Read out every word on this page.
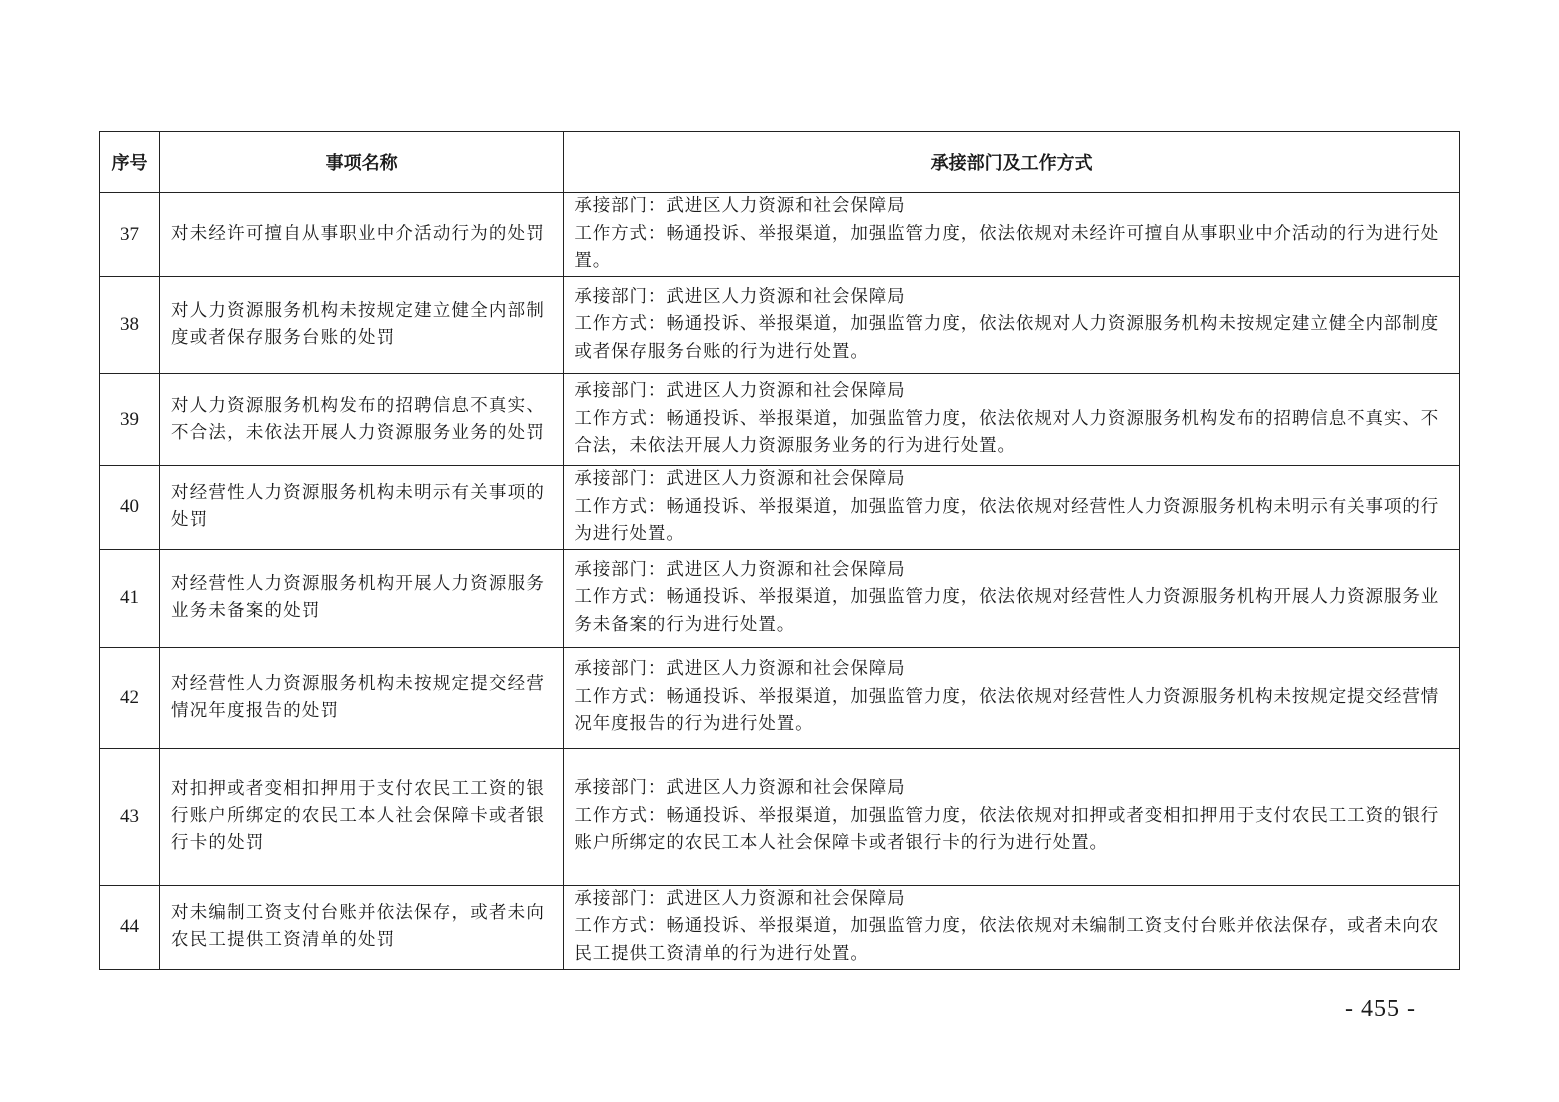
序号	事项名称	承接部门及工作方式
37	对未经许可擅自从事职业中介活动行为的处罚	承接部门：武进区人力资源和社会保障局
工作方式：畅通投诉、举报渠道，加强监管力度，依法依规对未经许可擅自从事职业中介活动的行为进行处置。

38	对人力资源服务机构未按规定建立健全内部制度或者保存服务台账的处罚	承接部门：武进区人力资源和社会保障局
工作方式：畅通投诉、举报渠道，加强监管力度，依法依规对人力资源服务机构未按规定建立健全内部制度或者保存服务台账的行为进行处置。

39	对人力资源服务机构发布的招聘信息不真实、不合法，未依法开展人力资源服务业务的处罚	承接部门：武进区人力资源和社会保障局
工作方式：畅通投诉、举报渠道，加强监管力度，依法依规对人力资源服务机构发布的招聘信息不真实、不合法，未依法开展人力资源服务业务的行为进行处置。

40	对经营性人力资源服务机构未明示有关事项的处罚	承接部门：武进区人力资源和社会保障局
工作方式：畅通投诉、举报渠道，加强监管力度，依法依规对经营性人力资源服务机构未明示有关事项的行为进行处置。

41	对经营性人力资源服务机构开展人力资源服务业务未备案的处罚	承接部门：武进区人力资源和社会保障局
工作方式：畅通投诉、举报渠道，加强监管力度，依法依规对经营性人力资源服务机构开展人力资源服务业务未备案的行为进行处置。

42	对经营性人力资源服务机构未按规定提交经营情况年度报告的处罚	承接部门：武进区人力资源和社会保障局
工作方式：畅通投诉、举报渠道，加强监管力度，依法依规对经营性人力资源服务机构未按规定提交经营情况年度报告的行为进行处置。

43	对扣押或者变相扣押用于支付农民工工资的银行账户所绑定的农民工本人社会保障卡或者银行卡的处罚	承接部门：武进区人力资源和社会保障局
工作方式：畅通投诉、举报渠道，加强监管力度，依法依规对扣押或者变相扣押用于支付农民工工资的银行账户所绑定的农民工本人社会保障卡或者银行卡的行为进行处置。

44	对未编制工资支付台账并依法保存，或者未向农民工提供工资清单的处罚	承接部门：武进区人力资源和社会保障局
工作方式：畅通投诉、举报渠道，加强监管力度，依法依规对未编制工资支付台账并依法保存，或者未向农民工提供工资清单的行为进行处置。
- 455 -
